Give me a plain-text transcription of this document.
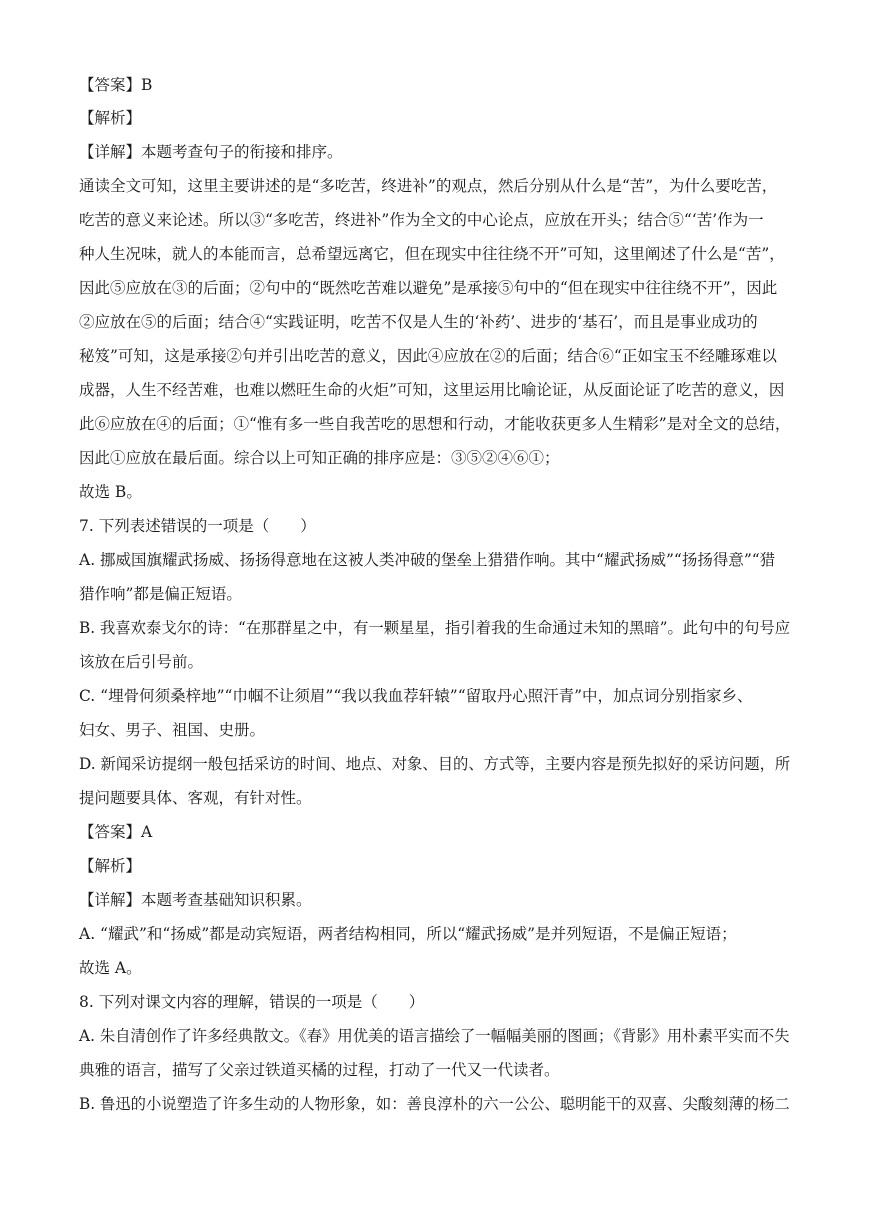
【答案】B
【解析】
【详解】本题考查句子的衔接和排序。
通读全文可知，这里主要讲述的是“多吃苦，终进补”的观点，然后分别从什么是“苦”，为什么要吃苦，
吃苦的意义来论述。所以③“多吃苦，终进补”作为全文的中心论点，应放在开头；结合⑤“‘苦’作为一
种人生况味，就人的本能而言，总希望远离它，但在现实中往往绕不开”可知，这里阐述了什么是“苦”，
因此⑤应放在③的后面；②句中的“既然吃苦难以避免”是承接⑤句中的“但在现实中往往绕不开”，因此
②应放在⑤的后面；结合④“实践证明，吃苦不仅是人生的‘补药’、进步的‘基石’，而且是事业成功的
秘笈”可知，这是承接②句并引出吃苦的意义，因此④应放在②的后面；结合⑥“正如宝玉不经雕琢难以
成器，人生不经苦难，也难以燃旺生命的火炬”可知，这里运用比喻论证，从反面论证了吃苦的意义，因
此⑥应放在④的后面；①“惟有多一些自我苦吃的思想和行动，才能收获更多人生精彩”是对全文的总结，
因此①应放在最后面。综合以上可知正确的排序应是：③⑤②④⑥①；
故选 B。
7. 下列表述错误的一项是（　　）
A. 挪威国旗耀武扬威、扬扬得意地在这被人类冲破的堡垒上猎猎作响。其中“耀武扬威”“扬扬得意”“猎
猎作响”都是偏正短语。
B. 我喜欢泰戈尔的诗：“在那群星之中，有一颗星星，指引着我的生命通过未知的黑暗”。此句中的句号应
该放在后引号前。
C. “埋骨何须桑梓地”“巾帼不让须眉”“我以我血荐轩辕”“留取丹心照汗青”中，加点词分别指家乡、
妇女、男子、祖国、史册。
D. 新闻采访提纲一般包括采访的时间、地点、对象、目的、方式等，主要内容是预先拟好的采访问题，所
提问题要具体、客观，有针对性。
【答案】A
【解析】
【详解】本题考查基础知识积累。
A. “耀武”和“扬威”都是动宾短语，两者结构相同，所以“耀武扬威”是并列短语，不是偏正短语；
故选 A。
8. 下列对课文内容的理解，错误的一项是（　　）
A. 朱自清创作了许多经典散文。《春》用优美的语言描绘了一幅幅美丽的图画；《背影》用朴素平实而不失
典雅的语言，描写了父亲过铁道买橘的过程，打动了一代又一代读者。
B. 鲁迅的小说塑造了许多生动的人物形象，如：善良淳朴的六一公公、聪明能干的双喜、尖酸刻薄的杨二
